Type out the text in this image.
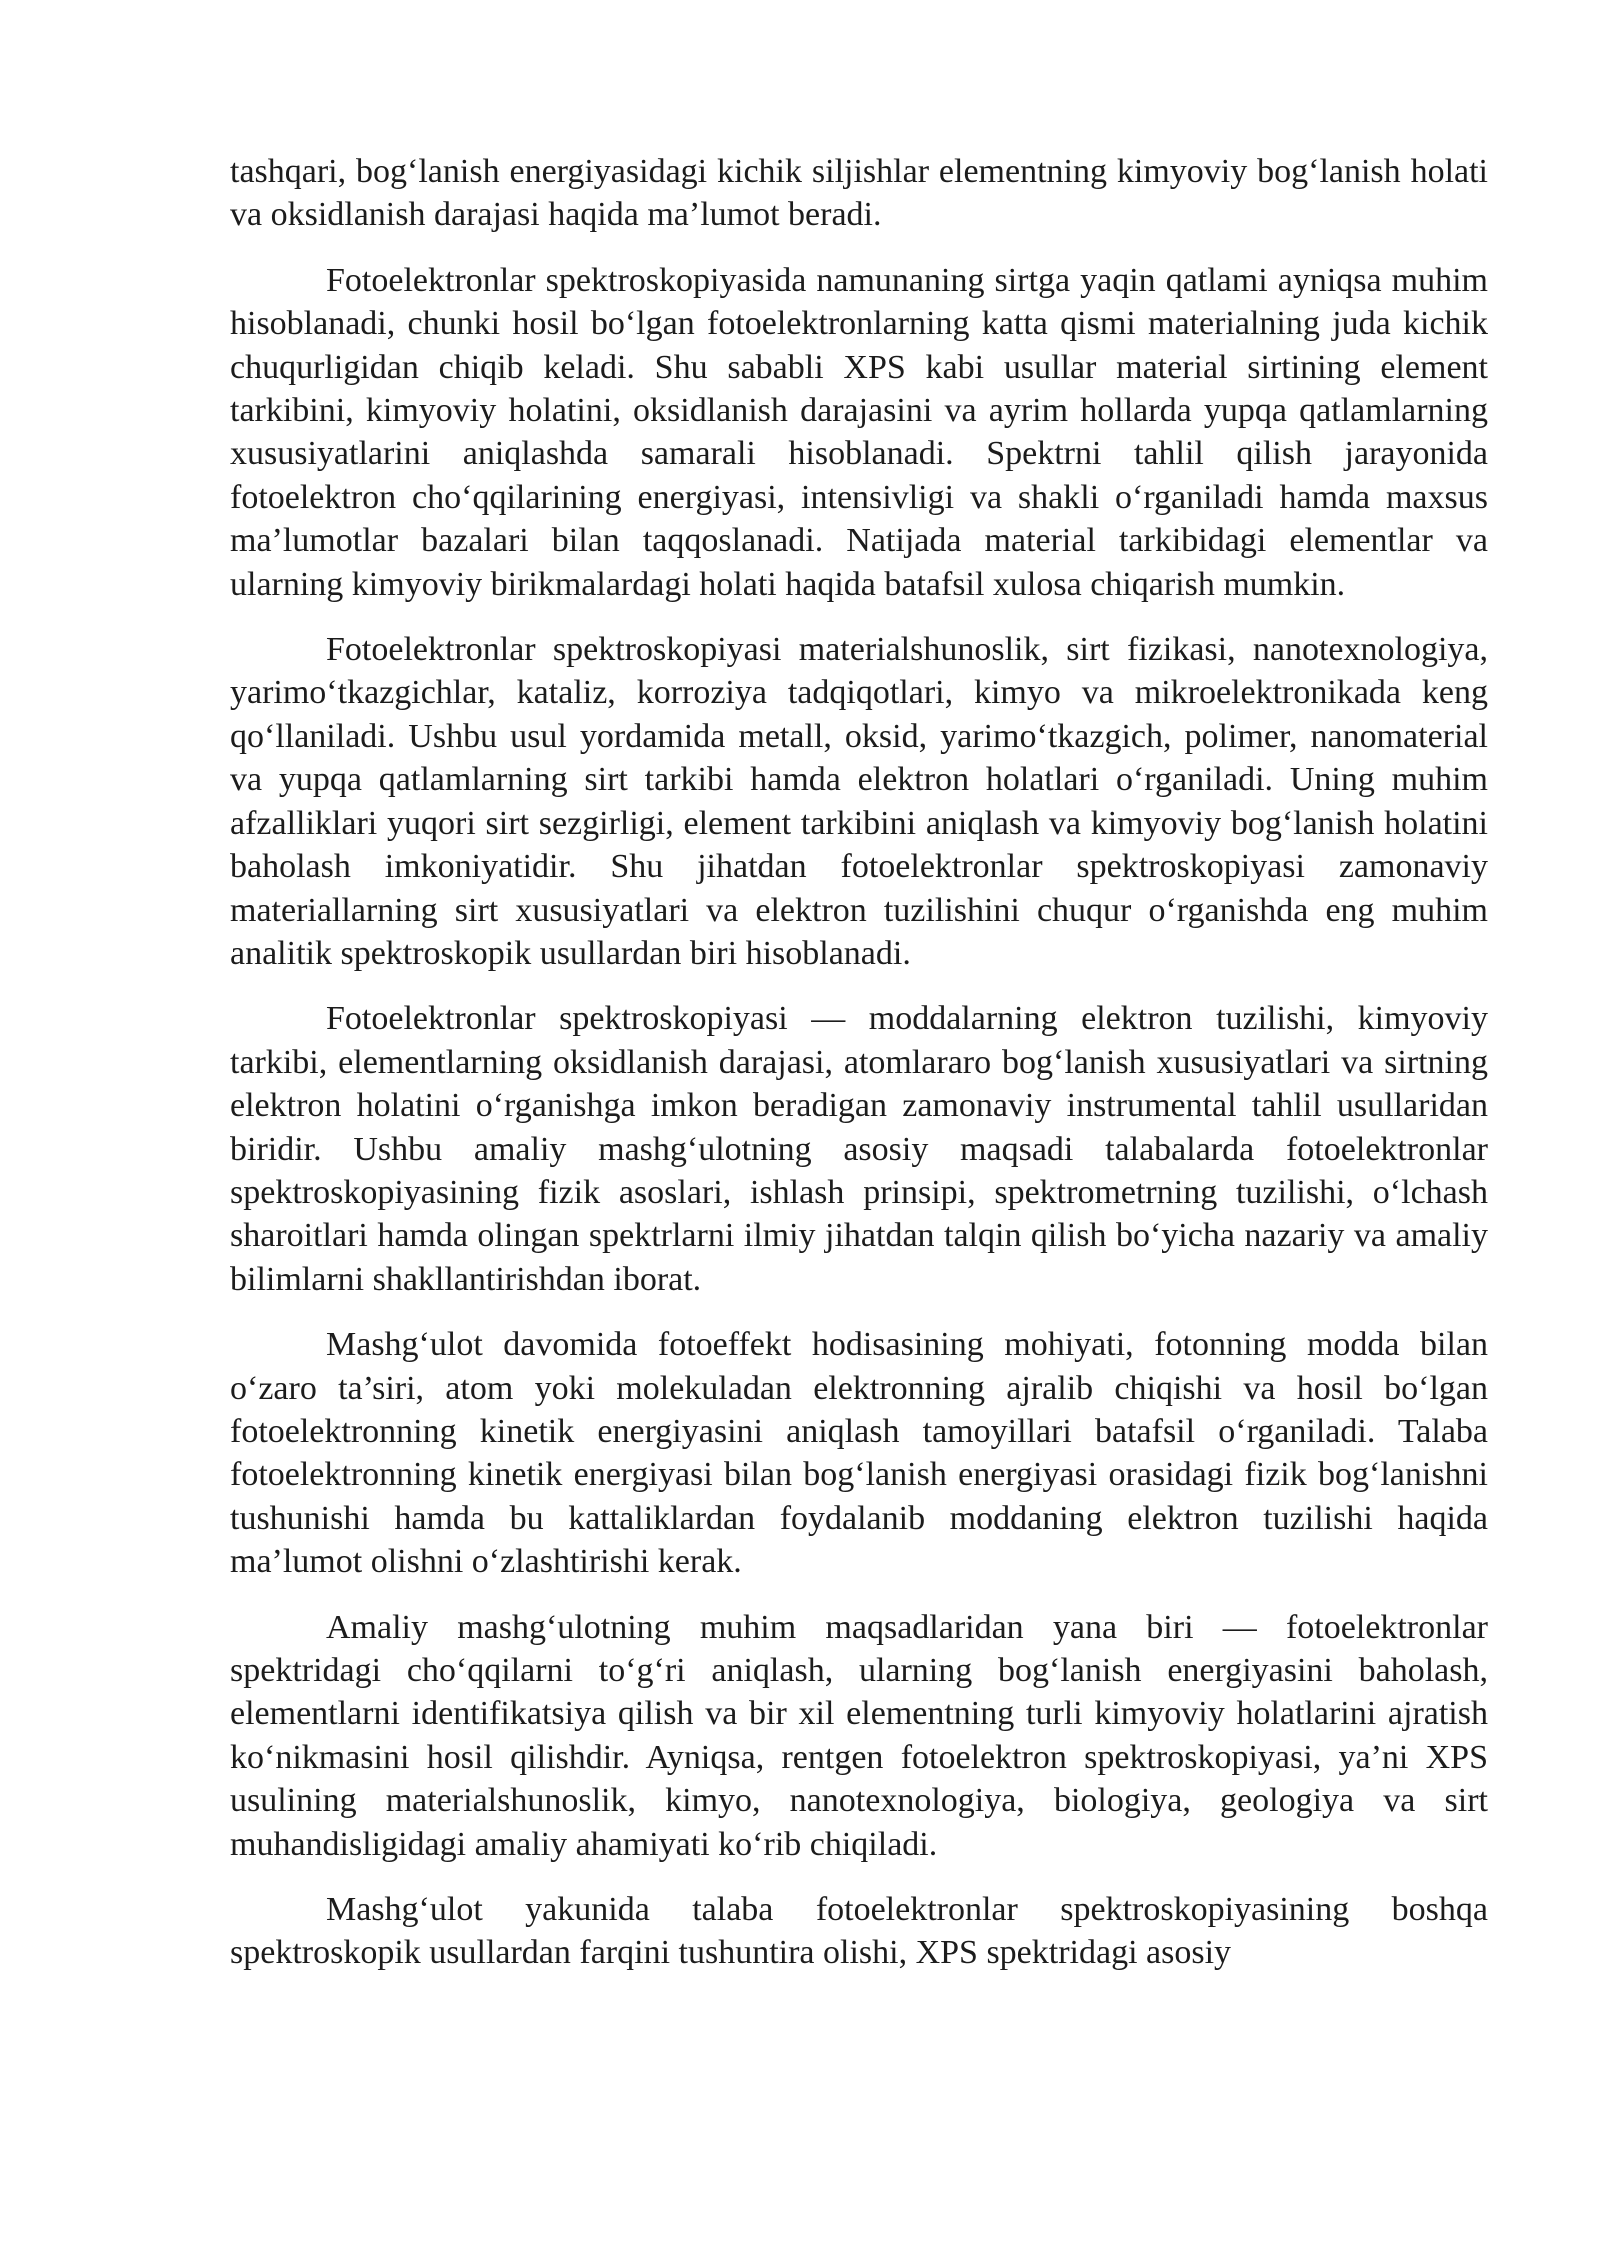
tashqari, bog‘lanish energiyasidagi kichik siljishlar elementning kimyoviy bog‘lanish holati va oksidlanish darajasi haqida ma’lumot beradi.

Fotoelektronlar spektroskopiyasida namunaning sirtga yaqin qatlami ayniqsa muhim hisoblanadi, chunki hosil bo‘lgan fotoelektronlarning katta qismi materialning juda kichik chuqurligidan chiqib keladi. Shu sababli XPS kabi usullar material sirtining element tarkibini, kimyoviy holatini, oksidlanish darajasini va ayrim hollarda yupqa qatlamlarning xususiyatlarini aniqlashda samarali hisoblanadi. Spektrni tahlil qilish jarayonida fotoelektron cho‘qqilarining energiyasi, intensivligi va shakli o‘rganiladi hamda maxsus ma’lumotlar bazalari bilan taqqoslanadi. Natijada material tarkibidagi elementlar va ularning kimyoviy birikmalardagi holati haqida batafsil xulosa chiqarish mumkin.

Fotoelektronlar spektroskopiyasi materialshunoslik, sirt fizikasi, nanotexnologiya, yarimo‘tkazgichlar, kataliz, korroziya tadqiqotlari, kimyo va mikroelektronikada keng qo‘llaniladi. Ushbu usul yordamida metall, oksid, yarimo‘tkazgich, polimer, nanomaterial va yupqa qatlamlarning sirt tarkibi hamda elektron holatlari o‘rganiladi. Uning muhim afzalliklari yuqori sirt sezgirligi, element tarkibini aniqlash va kimyoviy bog‘lanish holatini baholash imkoniyatidir. Shu jihatdan fotoelektronlar spektroskopiyasi zamonaviy materiallarning sirt xususiyatlari va elektron tuzilishini chuqur o‘rganishda eng muhim analitik spektroskopik usullardan biri hisoblanadi.

Fotoelektronlar spektroskopiyasi — moddalarning elektron tuzilishi, kimyoviy tarkibi, elementlarning oksidlanish darajasi, atomlararo bog‘lanish xususiyatlari va sirtning elektron holatini o‘rganishga imkon beradigan zamonaviy instrumental tahlil usullaridan biridir. Ushbu amaliy mashg‘ulotning asosiy maqsadi talabalarda fotoelektronlar spektroskopiyasining fizik asoslari, ishlash prinsipi, spektrometrning tuzilishi, o‘lchash sharoitlari hamda olingan spektrlarni ilmiy jihatdan talqin qilish bo‘yicha nazariy va amaliy bilimlarni shakllantirishdan iborat.

Mashg‘ulot davomida fotoeffekt hodisasining mohiyati, fotonning modda bilan o‘zaro ta’siri, atom yoki molekuladan elektronning ajralib chiqishi va hosil bo‘lgan fotoelektronning kinetik energiyasini aniqlash tamoyillari batafsil o‘rganiladi. Talaba fotoelektronning kinetik energiyasi bilan bog‘lanish energiyasi orasidagi fizik bog‘lanishni tushunishi hamda bu kattaliklardan foydalanib moddaning elektron tuzilishi haqida ma’lumot olishni o‘zlashtirishi kerak.

Amaliy mashg‘ulotning muhim maqsadlaridan yana biri — fotoelektronlar spektridagi cho‘qqilarni to‘g‘ri aniqlash, ularning bog‘lanish energiyasini baholash, elementlarni identifikatsiya qilish va bir xil elementning turli kimyoviy holatlarini ajratish ko‘nikmasini hosil qilishdir. Ayniqsa, rentgen fotoelektron spektroskopiyasi, ya’ni XPS usulining materialshunoslik, kimyo, nanotexnologiya, biologiya, geologiya va sirt muhandisligidagi amaliy ahamiyati ko‘rib chiqiladi.

Mashg‘ulot yakunida talaba fotoelektronlar spektroskopiyasining boshqa spektroskopik usullardan farqini tushuntira olishi, XPS spektridagi asosiy
